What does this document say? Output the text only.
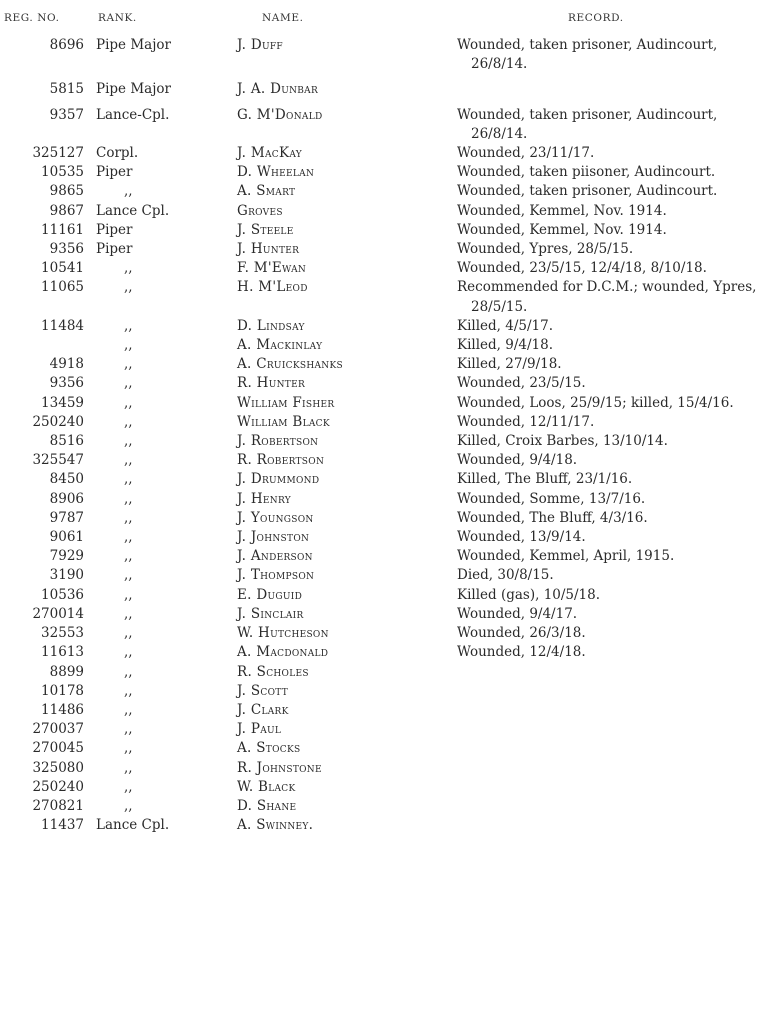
REG. NO.	RANK.	NAME.	RECORD.
8696	Pipe Major	J. Duff	Wounded, taken prisoner, Audincourt, 26/8/14.

5815	Pipe Major	J. A. Dunbar	

9357	Lance-Cpl.	G. M'Donald	Wounded, taken prisoner, Audincourt, 26/8/14.

325127	Corpl.	J. MacKay	Wounded, 23/11/17.

10535	Piper	D. Wheelan	Wounded, taken piisoner, Audincourt.

9865	,,	A. Smart	Wounded, taken prisoner, Audincourt.

9867	Lance Cpl.	Groves	Wounded, Kemmel, Nov. 1914.

11161	Piper	J. Steele	Wounded, Kemmel, Nov. 1914.

9356	Piper	J. Hunter	Wounded, Ypres, 28/5/15.

10541	,,	F. M'Ewan	Wounded, 23/5/15, 12/4/18, 8/10/18.

11065	,,	H. M'Leod	Recommended for D.C.M.; wounded, Ypres, 28/5/15.

11484	,,	D. Lindsay	Killed, 4/5/17.

	,,	A. Mackinlay	Killed, 9/4/18.

4918	,,	A. Cruickshanks	Killed, 27/9/18.

9356	,,	R. Hunter	Wounded, 23/5/15.

13459	,,	William Fisher	Wounded, Loos, 25/9/15; killed, 15/4/16.

250240	,,	William Black	Wounded, 12/11/17.

8516	,,	J. Robertson	Killed, Croix Barbes, 13/10/14.

325547	,,	R. Robertson	Wounded, 9/4/18.

8450	,,	J. Drummond	Killed, The Bluff, 23/1/16.

8906	,,	J. Henry	Wounded, Somme, 13/7/16.

9787	,,	J. Youngson	Wounded, The Bluff, 4/3/16.

9061	,,	J. Johnston	Wounded, 13/9/14.

7929	,,	J. Anderson	Wounded, Kemmel, April, 1915.

3190	,,	J. Thompson	Died, 30/8/15.

10536	,,	E. Duguid	Killed (gas), 10/5/18.

270014	,,	J. Sinclair	Wounded, 9/4/17.

32553	,,	W. Hutcheson	Wounded, 26/3/18.

11613	,,	A. Macdonald	Wounded, 12/4/18.

8899	,,	R. Scholes	

10178	,,	J. Scott	

11486	,,	J. Clark	

270037	,,	J. Paul	

270045	,,	A. Stocks	

325080	,,	R. Johnstone	

250240	,,	W. Black	

270821	,,	D. Shane	

11437	Lance Cpl.	A. Swinney.	
